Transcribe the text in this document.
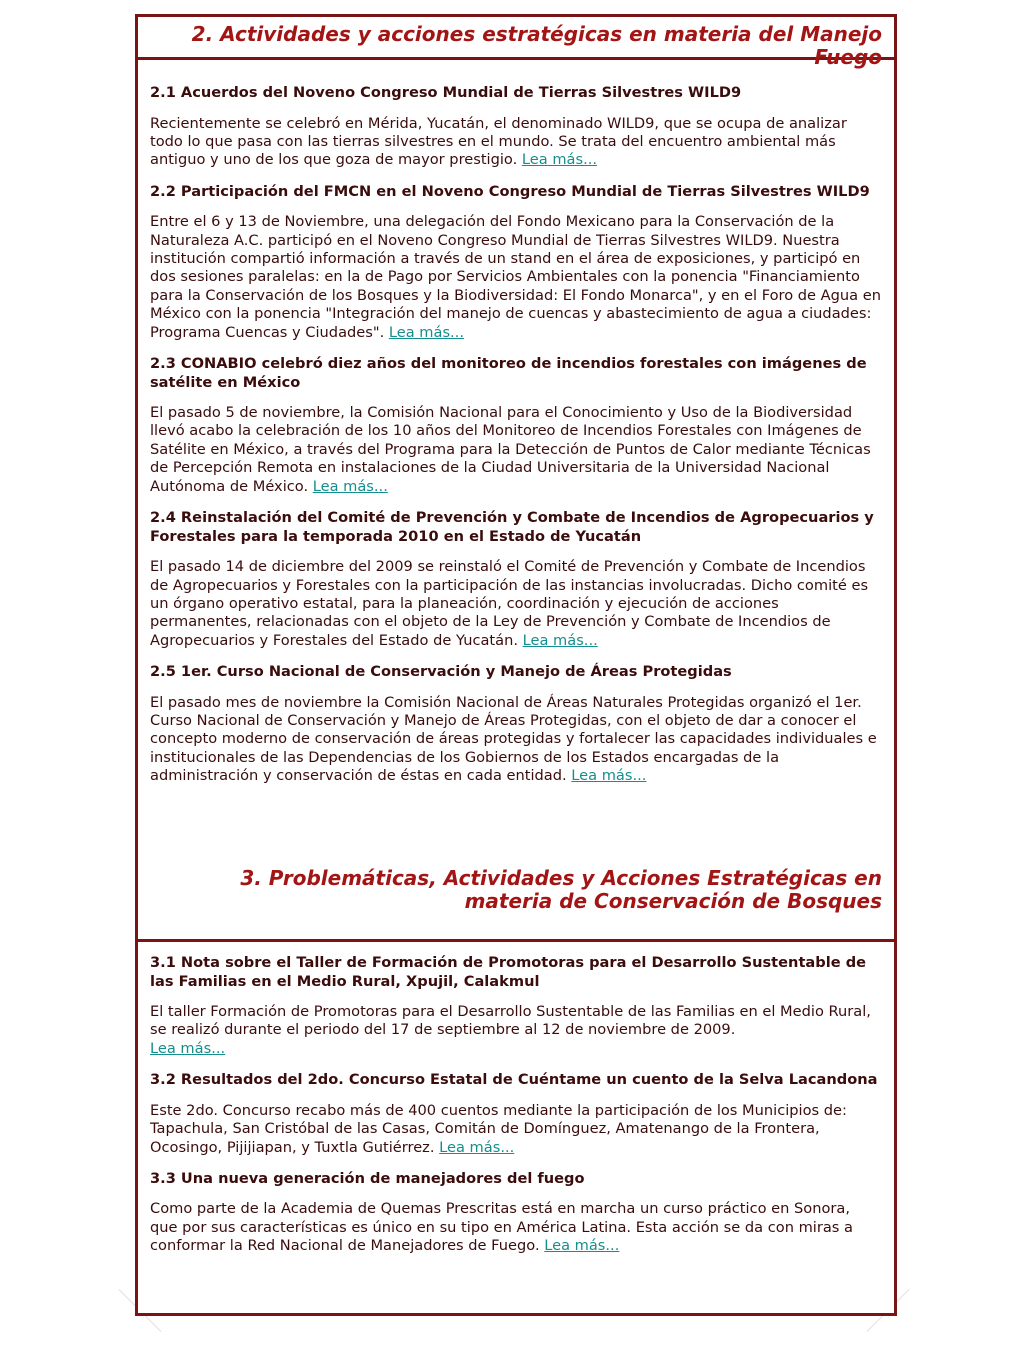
2. Actividades y acciones estratégicas en materia del Manejo Fuego

2.1 Acuerdos del Noveno Congreso Mundial de Tierras Silvestres WILD9

Recientemente se celebró en Mérida, Yucatán, el denominado WILD9, que se ocupa de analizar todo lo que pasa con las tierras silvestres en el mundo. Se trata del encuentro ambiental más antiguo y uno de los que goza de mayor prestigio. Lea más...

2.2 Participación del FMCN en el Noveno Congreso Mundial de Tierras Silvestres WILD9

Entre el 6 y 13 de Noviembre, una delegación del Fondo Mexicano para la Conservación de la Naturaleza A.C. participó en el Noveno Congreso Mundial de Tierras Silvestres WILD9. Nuestra institución compartió información a través de un stand en el área de exposiciones, y participó en dos sesiones paralelas: en la de Pago por Servicios Ambientales con la ponencia "Financiamiento para la Conservación de los Bosques y la Biodiversidad: El Fondo Monarca", y en el Foro de Agua en México con la ponencia "Integración del manejo de cuencas y abastecimiento de agua a ciudades: Programa Cuencas y Ciudades". Lea más...

2.3 CONABIO celebró diez años del monitoreo de incendios forestales con imágenes de satélite en México

El pasado 5 de noviembre, la Comisión Nacional para el Conocimiento y Uso de la Biodiversidad llevó acabo la celebración de los 10 años del Monitoreo de Incendios Forestales con Imágenes de Satélite en México, a través del Programa para la Detección de Puntos de Calor mediante Técnicas de Percepción Remota en instalaciones de la Ciudad Universitaria de la Universidad Nacional Autónoma de México. Lea más...

2.4 Reinstalación del Comité de Prevención y Combate de Incendios de Agropecuarios y Forestales para la temporada 2010 en el Estado de Yucatán

El pasado 14 de diciembre del 2009 se reinstaló el Comité de Prevención y Combate de Incendios de Agropecuarios y Forestales con la participación de las instancias involucradas. Dicho comité es un órgano operativo estatal, para la planeación, coordinación y ejecución de acciones permanentes, relacionadas con el objeto de la Ley de Prevención y Combate de Incendios de Agropecuarios y Forestales del Estado de Yucatán. Lea más...

2.5 1er. Curso Nacional de Conservación y Manejo de Áreas Protegidas

El pasado mes de noviembre la Comisión Nacional de Áreas Naturales Protegidas organizó el 1er. Curso Nacional de Conservación y Manejo de Áreas Protegidas, con el objeto de dar a conocer el concepto moderno de conservación de áreas protegidas y fortalecer las capacidades individuales e institucionales de las Dependencias de los Gobiernos de los Estados encargadas de la administración y conservación de éstas en cada entidad. Lea más...

3. Problemáticas, Actividades y Acciones Estratégicas en materia de Conservación de Bosques

3.1 Nota sobre el Taller de Formación de Promotoras para el Desarrollo Sustentable de las Familias en el Medio Rural, Xpujil, Calakmul

El taller Formación de Promotoras para el Desarrollo Sustentable de las Familias en el Medio Rural, se realizó durante el periodo del 17 de septiembre al 12 de noviembre de 2009.
Lea más...

3.2 Resultados del 2do. Concurso Estatal de Cuéntame un cuento de la Selva Lacandona

Este 2do. Concurso recabo más de 400 cuentos mediante la participación de los Municipios de: Tapachula, San Cristóbal de las Casas, Comitán de Domínguez, Amatenango de la Frontera, Ocosingo, Pijijiapan, y Tuxtla Gutiérrez. Lea más...

3.3 Una nueva generación de manejadores del fuego

Como parte de la Academia de Quemas Prescritas está en marcha un curso práctico en Sonora, que por sus características es único en su tipo en América Latina. Esta acción se da con miras a conformar la Red Nacional de Manejadores de Fuego. Lea más...
